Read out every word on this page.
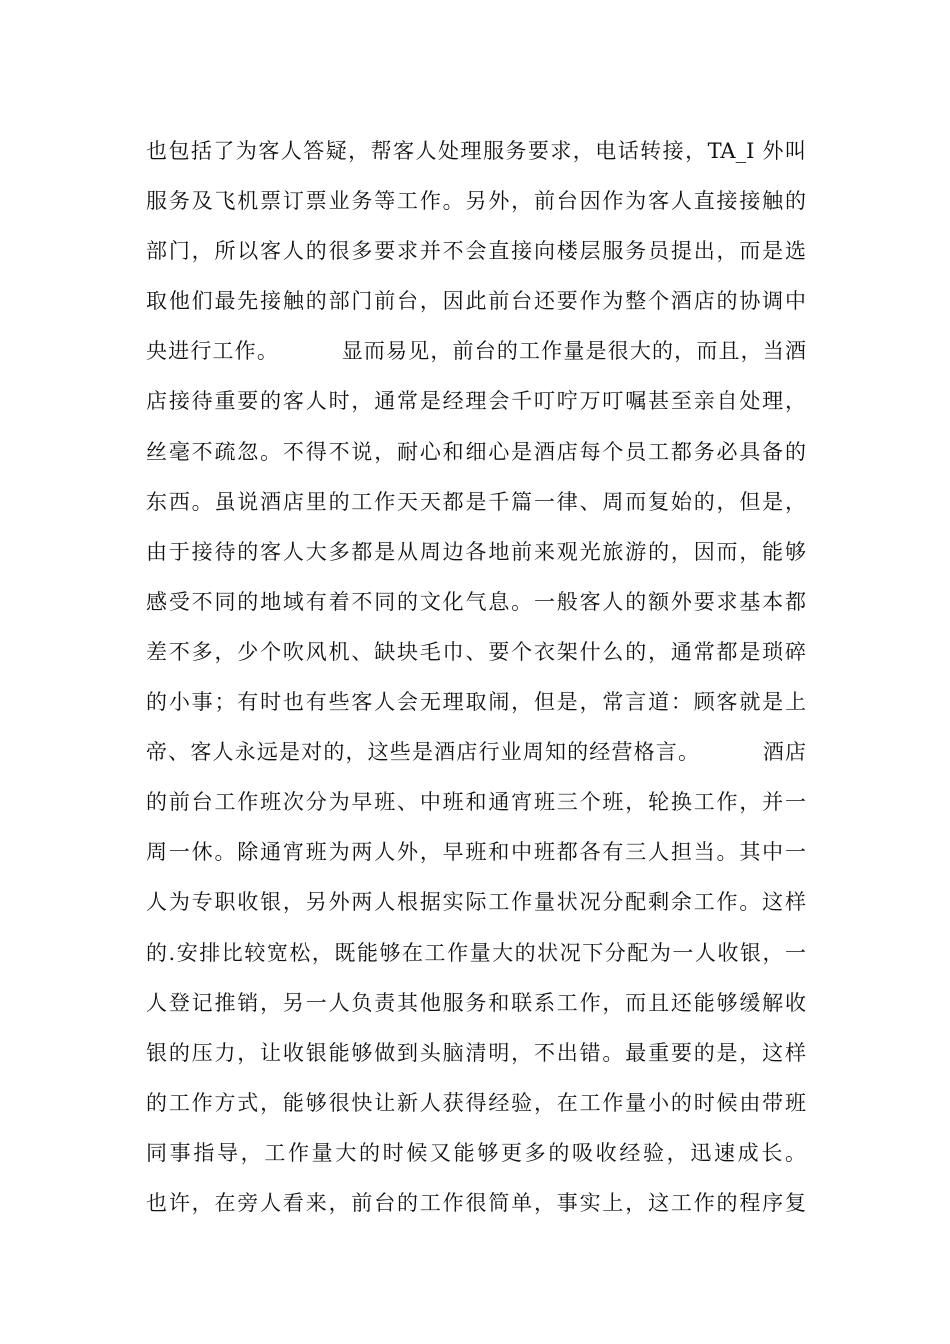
也包括了为客人答疑，帮客人处理服务要求，电话转接，TA_I 外叫
服务及飞机票订票业务等工作。另外，前台因作为客人直接接触的
部门，所以客人的很多要求并不会直接向楼层服务员提出，而是选
取他们最先接触的部门前台，因此前台还要作为整个酒店的协调中
央进行工作。        显而易见，前台的工作量是很大的，而且，当酒
店接待重要的客人时，通常是经理会千叮咛万叮嘱甚至亲自处理，
丝毫不疏忽。不得不说，耐心和细心是酒店每个员工都务必具备的
东西。虽说酒店里的工作天天都是千篇一律、周而复始的，但是，
由于接待的客人大多都是从周边各地前来观光旅游的，因而，能够
感受不同的地域有着不同的文化气息。一般客人的额外要求基本都
差不多，少个吹风机、缺块毛巾、要个衣架什么的，通常都是琐碎
的小事；有时也有些客人会无理取闹，但是，常言道：顾客就是上
帝、客人永远是对的，这些是酒店行业周知的经营格言。        酒店
的前台工作班次分为早班、中班和通宵班三个班，轮换工作，并一
周一休。除通宵班为两人外，早班和中班都各有三人担当。其中一
人为专职收银，另外两人根据实际工作量状况分配剩余工作。这样
的.安排比较宽松，既能够在工作量大的状况下分配为一人收银，一
人登记推销，另一人负责其他服务和联系工作，而且还能够缓解收
银的压力，让收银能够做到头脑清明，不出错。最重要的是，这样
的工作方式，能够很快让新人获得经验，在工作量小的时候由带班
同事指导，工作量大的时候又能够更多的吸收经验，迅速成长。
也许，在旁人看来，前台的工作很简单，事实上，这工作的程序复
